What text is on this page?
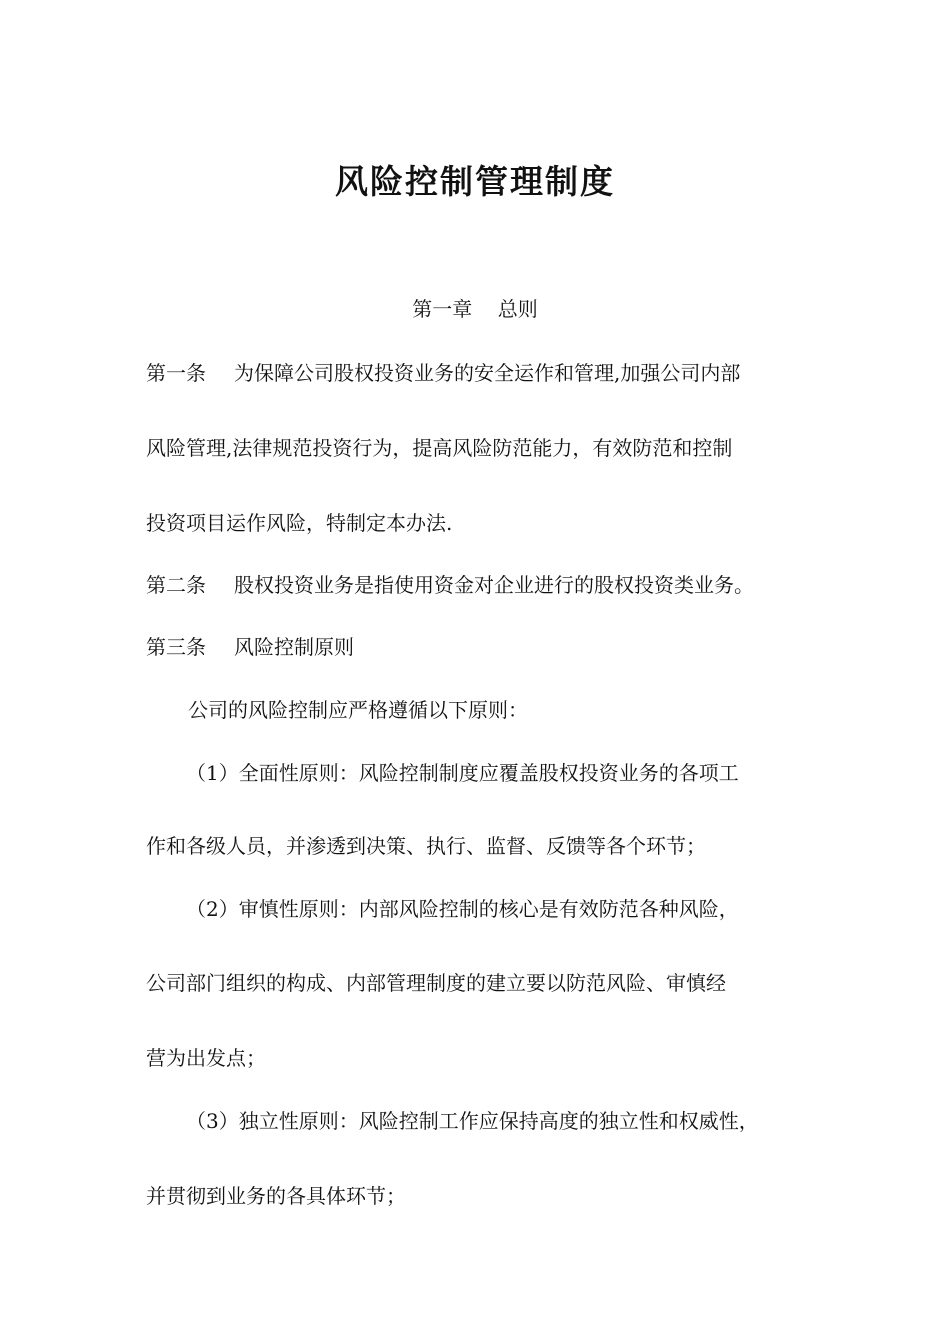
风险控制管理制度
第一章 总则
第一条 为保障公司股权投资业务的安全运作和管理,加强公司内部
风险管理,法律规范投资行为，提高风险防范能力，有效防范和控制
投资项目运作风险，特制定本办法.
第二条 股权投资业务是指使用资金对企业进行的股权投资类业务。
第三条 风险控制原则
公司的风险控制应严格遵循以下原则：
（1）全面性原则：风险控制制度应覆盖股权投资业务的各项工
作和各级人员，并渗透到决策、执行、监督、反馈等各个环节；
（2）审慎性原则：内部风险控制的核心是有效防范各种风险，
公司部门组织的构成、内部管理制度的建立要以防范风险、审慎经
营为出发点；
（3）独立性原则：风险控制工作应保持高度的独立性和权威性，
并贯彻到业务的各具体环节；
